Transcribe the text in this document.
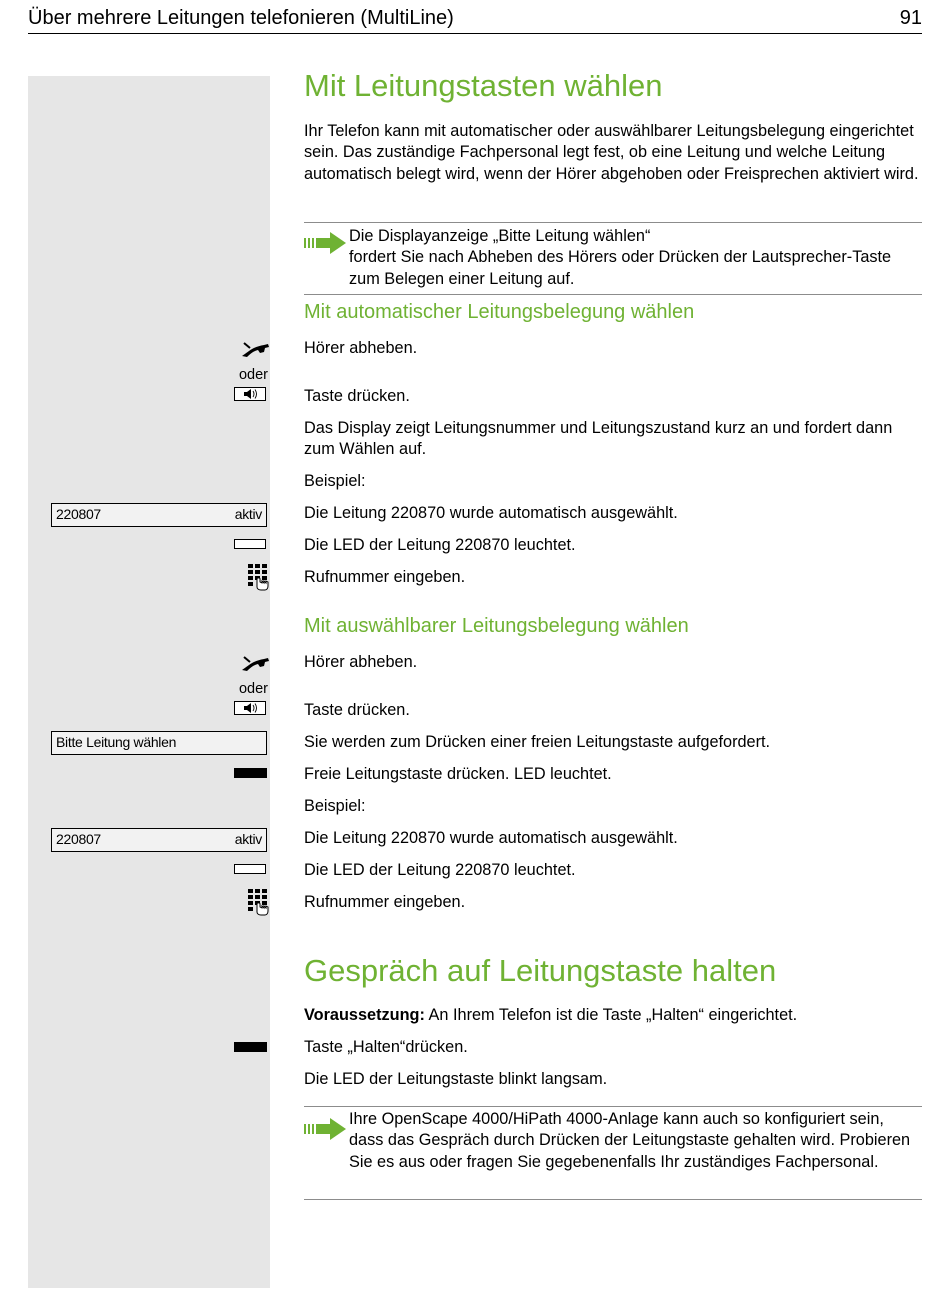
Über mehrere Leitungen telefonieren (MultiLine)	91
Mit Leitungstasten wählen
Ihr Telefon kann mit automatischer oder auswählbarer Leitungsbelegung eingerichtet sein. Das zuständige Fachpersonal legt fest, ob eine Leitung und welche Leitung automatisch belegt wird, wenn der Hörer abgehoben oder Freisprechen aktiviert wird.
Die Displayanzeige „Bitte Leitung wählen“
fordert Sie nach Abheben des Hörers oder Drücken der Lautsprecher-Taste zum Belegen einer Leitung auf.
Mit automatischer Leitungsbelegung wählen
Hörer abheben.
oder
Taste drücken.
Das Display zeigt Leitungsnummer und Leitungszustand kurz an und fordert dann zum Wählen auf.
Beispiel:
220807	aktiv	Die Leitung 220870 wurde automatisch ausgewählt.
Die LED der Leitung 220870 leuchtet.
Rufnummer eingeben.
Mit auswählbarer Leitungsbelegung wählen
Hörer abheben.
oder
Taste drücken.
Bitte Leitung wählen	Sie werden zum Drücken einer freien Leitungstaste aufgefordert.
Freie Leitungstaste drücken. LED leuchtet.
Beispiel:
220807	aktiv	Die Leitung 220870 wurde automatisch ausgewählt.
Die LED der Leitung 220870 leuchtet.
Rufnummer eingeben.
Gespräch auf Leitungstaste halten
Voraussetzung: An Ihrem Telefon ist die Taste „Halten“ eingerichtet.
Taste „Halten“drücken.
Die LED der Leitungstaste blinkt langsam.
Ihre OpenScape 4000/HiPath 4000-Anlage kann auch so konfiguriert sein, dass das Gespräch durch Drücken der Leitungstaste gehalten wird. Probieren Sie es aus oder fragen Sie gegebenenfalls Ihr zuständiges Fachpersonal.
